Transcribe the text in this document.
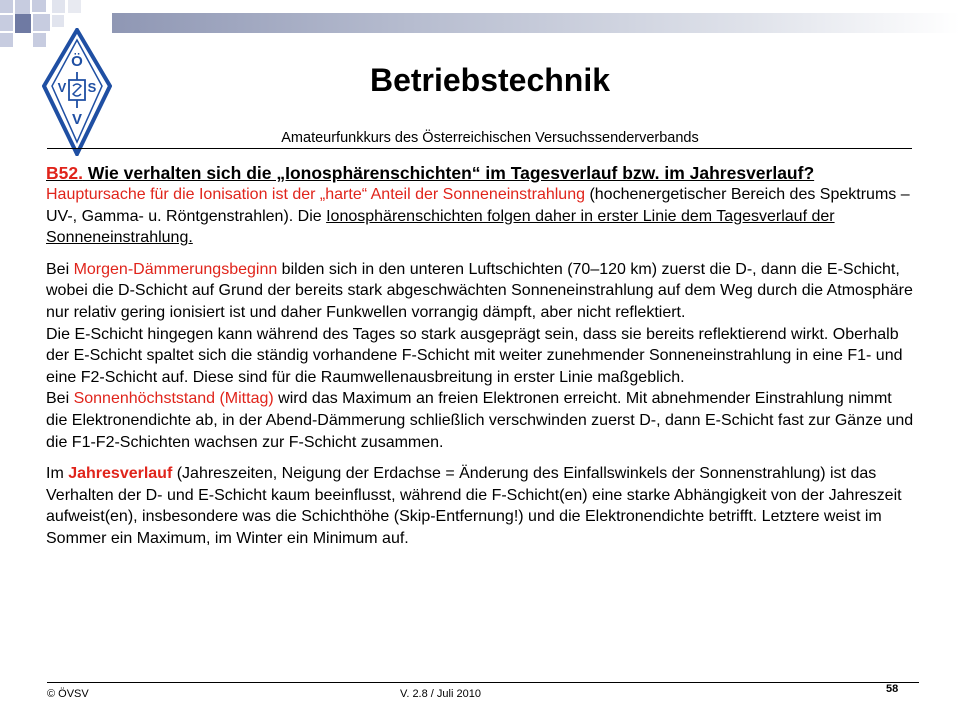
Ö
V S
V
Betriebstechnik
Amateurfunkkurs des Österreichischen Versuchssenderverbands

B52. Wie verhalten sich die „Ionosphärenschichten“ im Tagesverlauf bzw. im Jahresverlauf?

Hauptursache für die Ionisation ist der „harte“ Anteil der Sonneneinstrahlung (hochenergetischer Bereich des Spektrums – UV-, Gamma- u. Röntgenstrahlen). Die Ionosphärenschichten folgen daher in erster Linie dem Tagesverlauf der Sonneneinstrahlung.

Bei Morgen-Dämmerungsbeginn bilden sich in den unteren Luftschichten (70–120 km) zuerst die D-, dann die E-Schicht, wobei die D-Schicht auf Grund der bereits stark abgeschwächten Sonneneinstrahlung auf dem Weg durch die Atmosphäre nur relativ gering ionisiert ist und daher Funkwellen vorrangig dämpft, aber nicht reflektiert.

Die E-Schicht hingegen kann während des Tages so stark ausgeprägt sein, dass sie bereits reflektierend wirkt. Oberhalb der E-Schicht spaltet sich die ständig vorhandene F-Schicht mit weiter zunehmender Sonneneinstrahlung in eine F1- und eine F2-Schicht auf. Diese sind für die Raumwellenausbreitung in erster Linie maßgeblich.

Bei Sonnenhöchststand (Mittag) wird das Maximum an freien Elektronen erreicht. Mit abnehmender Einstrahlung nimmt die Elektronendichte ab, in der Abend-Dämmerung schließlich verschwinden zuerst D-, dann E-Schicht fast zur Gänze und die F1-F2-Schichten wachsen zur F-Schicht zusammen.

Im Jahresverlauf (Jahreszeiten, Neigung der Erdachse = Änderung des Einfallswinkels der Sonnenstrahlung) ist das Verhalten der D- und E-Schicht kaum beeinflusst, während die F-Schicht(en) eine starke Abhängigkeit von der Jahreszeit aufweist(en), insbesondere was die Schichthöhe (Skip-Entfernung!) und die Elektronendichte betrifft. Letztere weist im Sommer ein Maximum, im Winter ein Minimum auf.

© ÖVSV	V. 2.8 / Juli 2010	58
